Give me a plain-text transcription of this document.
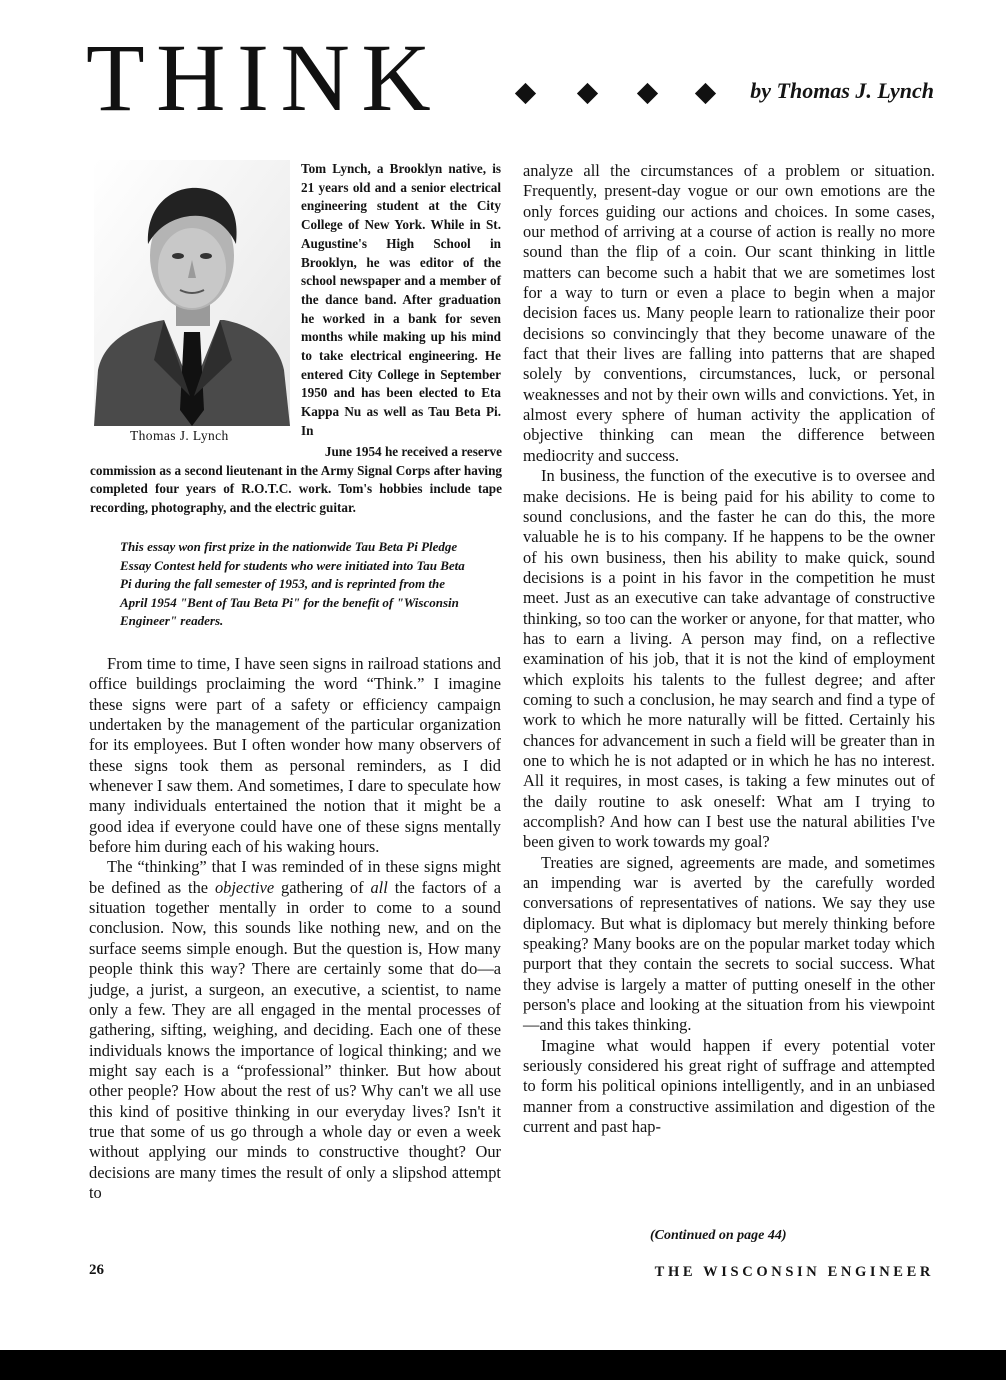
THINK	by Thomas J. Lynch
Thomas J. Lynch

Tom Lynch, a Brooklyn native, is 21 years old and a senior electrical engineering student at the City College of New York. While in St. Augustine's High School in Brooklyn, he was editor of the school newspaper and a member of the dance band. After graduation he worked in a bank for seven months while making up his mind to take electrical engineering. He entered City College in September 1950 and has been elected to Eta Kappa Nu as well as Tau Beta Pi. In

June 1954 he received a reserve
commission as a second lieutenant in the Army Signal Corps after having completed four years of R.O.T.C. work. Tom's hobbies include tape recording, photography, and the electric guitar.

This essay won first prize in the nationwide Tau Beta Pi Pledge Essay Contest held for students who were initiated into Tau Beta Pi during the fall semester of 1953, and is reprinted from the April 1954 "Bent of Tau Beta Pi" for the benefit of "Wisconsin Engineer" readers.

From time to time, I have seen signs in railroad stations and office buildings proclaiming the word “Think.” I imagine these signs were part of a safety or efficiency campaign undertaken by the management of the particular organization for its employees. But I often wonder how many observers of these signs took them as personal reminders, as I did whenever I saw them. And sometimes, I dare to speculate how many individuals entertained the notion that it might be a good idea if everyone could have one of these signs mentally before him during each of his waking hours.

The “thinking” that I was reminded of in these signs might be defined as the objective gathering of all the factors of a situation together mentally in order to come to a sound conclusion. Now, this sounds like nothing new, and on the surface seems simple enough. But the question is, How many people think this way? There are certainly some that do—a judge, a jurist, a surgeon, an executive, a scientist, to name only a few. They are all engaged in the mental processes of gathering, sifting, weighing, and deciding. Each one of these individuals knows the importance of logical thinking; and we might say each is a “professional” thinker. But how about other people? How about the rest of us? Why can't we all use this kind of positive thinking in our everyday lives? Isn't it true that some of us go through a whole day or even a week without applying our minds to constructive thought? Our decisions are many times the result of only a slipshod attempt to

analyze all the circumstances of a problem or situation. Frequently, present-day vogue or our own emotions are the only forces guiding our actions and choices. In some cases, our method of arriving at a course of action is really no more sound than the flip of a coin. Our scant thinking in little matters can become such a habit that we are sometimes lost for a way to turn or even a place to begin when a major decision faces us. Many people learn to rationalize their poor decisions so convincingly that they become unaware of the fact that their lives are falling into patterns that are shaped solely by conventions, circumstances, luck, or personal weaknesses and not by their own wills and convictions. Yet, in almost every sphere of human activity the application of objective thinking can mean the difference between mediocrity and success.

In business, the function of the executive is to oversee and make decisions. He is being paid for his ability to come to sound conclusions, and the faster he can do this, the more valuable he is to his company. If he happens to be the owner of his own business, then his ability to make quick, sound decisions is a point in his favor in the competition he must meet. Just as an executive can take advantage of constructive thinking, so too can the worker or anyone, for that matter, who has to earn a living. A person may find, on a reflective examination of his job, that it is not the kind of employment which exploits his talents to the fullest degree; and after coming to such a conclusion, he may search and find a type of work to which he more naturally will be fitted. Certainly his chances for advancement in such a field will be greater than in one to which he is not adapted or in which he has no interest. All it requires, in most cases, is taking a few minutes out of the daily routine to ask oneself: What am I trying to accomplish? And how can I best use the natural abilities I've been given to work towards my goal?

Treaties are signed, agreements are made, and sometimes an impending war is averted by the carefully worded conversations of representatives of nations. We say they use diplomacy. But what is diplomacy but merely thinking before speaking? Many books are on the popular market today which purport that they contain the secrets to social success. What they advise is largely a matter of putting oneself in the other person's place and looking at the situation from his viewpoint—and this takes thinking.

Imagine what would happen if every potential voter seriously considered his great right of suffrage and attempted to form his political opinions intelligently, and in an unbiased manner from a constructive assimilation and digestion of the current and past hap-

(Continued on page 44)
26	THE WISCONSIN ENGINEER
